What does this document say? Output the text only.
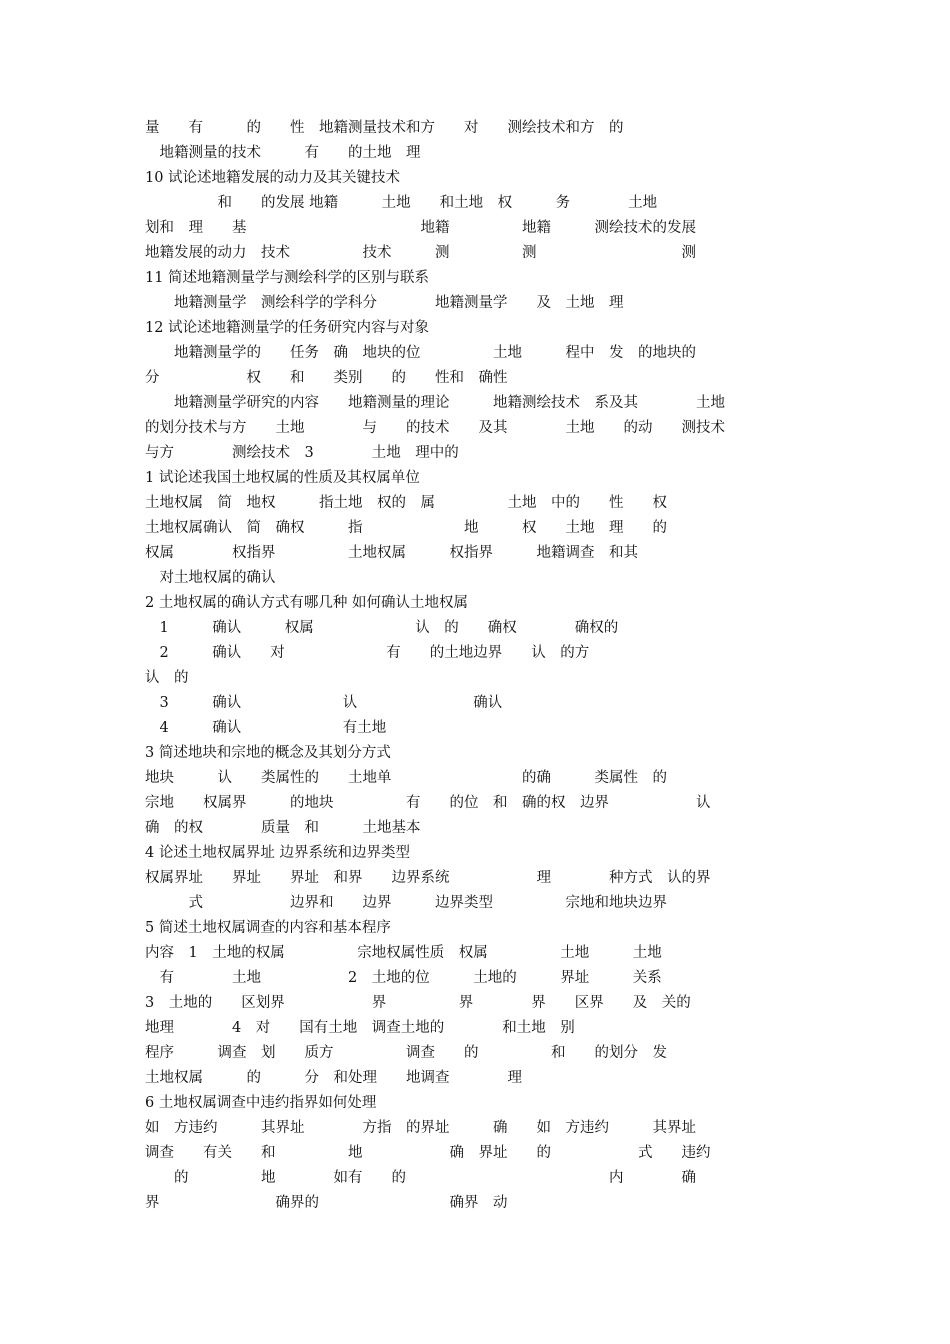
量　　有　　　的　　性　地籍测量技术和方　　对　　测绘技术和方　的
　地籍测量的技术　　　有　　的土地　理
10 试论述地籍发展的动力及其关键技术
　　　　　和　　的发展 地籍　　　土地　　和土地　权　　　务　　　　土地
划和　理　　基　　　　　　　　　　　　地籍　　　　　地籍　　　测绘技术的发展
地籍发展的动力　技术　　　　　技术　　　测　　　　　测　　　　　　　　　　测
11 简述地籍测量学与测绘科学的区别与联系
　　地籍测量学　测绘科学的学科分　　　　地籍测量学　　及　土地　理
12 试论述地籍测量学的任务研究内容与对象
　　地籍测量学的　　任务　确　地块的位　　　　　土地　　　程中　发　的地块的
分　　　　　　权　　和　　类别　　的　　性和　确性
　　地籍测量学研究的内容　　地籍测量的理论　　　地籍测绘技术　系及其　　　　土地
的划分技术与方　　土地　　　　与　　的技术　　及其　　　　土地　　的动　　测技术
与方　　　　测绘技术　3　　　　土地　理中的
1 试论述我国土地权属的性质及其权属单位
土地权属　简　地权　　　指土地　权的　属　　　　　土地　中的　　性　　权
土地权属确认　简　确权　　　指　　　　　　　地　　　权　　土地　理　　的
权属　　　　权指界　　　　　土地权属　　　权指界　　　地籍调查　和其
　对土地权属的确认
2 土地权属的确认方式有哪几种 如何确认土地权属
　1　　　确认　　　权属　　　　　　　认　的　　确权　　　　确权的
　2　　　确认　　对　　　　　　　有　　的土地边界　　认　的方
认　的
　3　　　确认　　　　　　　认　　　　　　　　确认
　4　　　确认　　　　　　　有土地
3 简述地块和宗地的概念及其划分方式
地块　　　认　　类属性的　　土地单　　　　　　　　　的确　　　类属性　的
宗地　　权属界　　　的地块　　　　　有　　的位　和　确的权　边界　　　　　　认
确　的权　　　　质量　和　　　土地基本
4 论述土地权属界址 边界系统和边界类型
权属界址　　界址　　界址　和界　　边界系统　　　　　　理　　　　种方式　认的界
　　　式　　　　　　边界和　　边界　　　边界类型　　　　　宗地和地块边界
5 简述土地权属调查的内容和基本程序
内容　1　土地的权属　　　　　宗地权属性质　权属　　　　　土地　　　土地
　有　　　　土地　　　　　　2　土地的位　　　土地的　　　界址　　　关系
3　土地的　　区划界　　　　　　界　　　　　界　　　　界　　区界　　及　关的
地理　　　　4　对　　国有土地　调查土地的　　　　和土地　别
程序　　　调查　划　　质方　　　　　调查　　的　　　　　和　　的划分　发
土地权属　　　的　　　分　和处理　　地调查　　　　理
6 土地权属调查中违约指界如何处理
如　方违约　　　其界址　　　　方指　的界址　　　确　　如　方违约　　　其界址
调查　　有关　　和　　　　　地　　　　　　确　界址　　的　　　　　　式　　违约
　　的　　　　　地　　　　如有　　的　　　　　　　　　　　　　　内　　　　确
界　　　　　　　　确界的　　　　　　　　　确界　动
